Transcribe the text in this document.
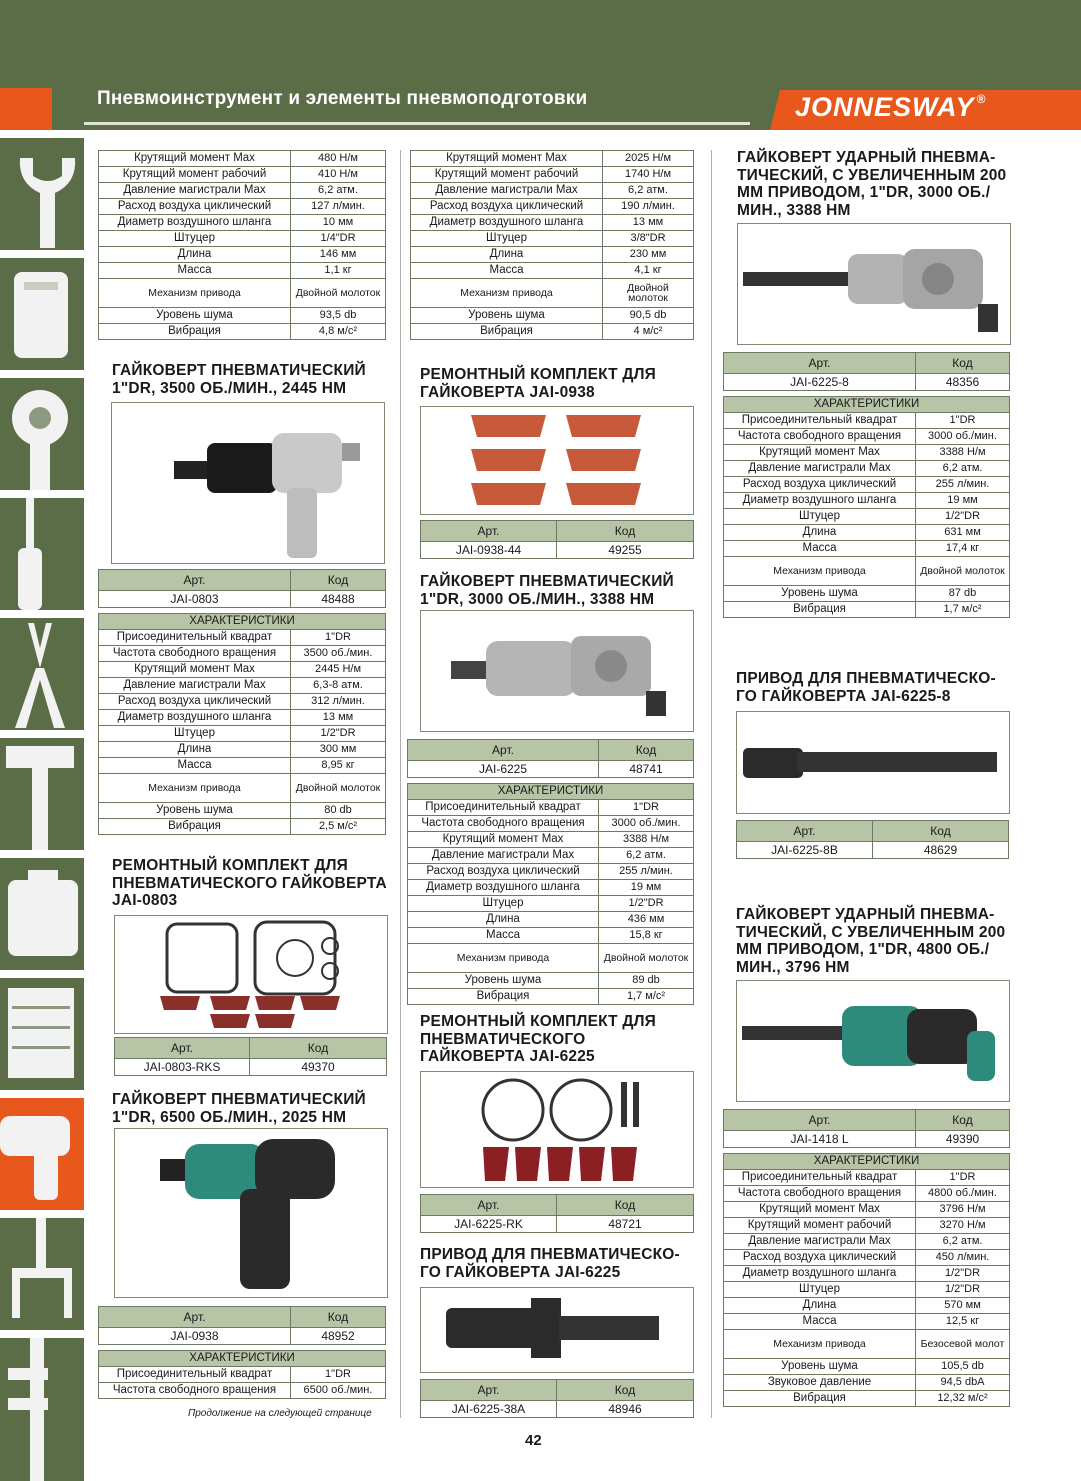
Пневмоинструмент и элементы пневмоподготовки	JONNESWAY ®
Крутящий момент Max	480 Н/м
Крутящий момент рабочий	410 Н/м
Давление магистрали Max	6,2 атм.
Расход воздуха циклический	127 л/мин.
Диаметр воздушного шланга	10 мм
Штуцер	1/4"DR
Длина	146 мм
Масса	1,1 кг
Механизм привода	Двойной молоток
Уровень шума	93,5 db
Вибрация	4,8 м/с²
ГАЙКОВЕРТ ПНЕВМАТИЧЕСКИЙ 1"DR, 3500 ОБ./МИН., 2445 НМ
Арт.	Код
JAI-0803	48488
ХАРАКТЕРИСТИКИ	
Присоединительный квадрат	1"DR
Частота свободного вращения	3500 об./мин.
Крутящий момент Max	2445 Н/м
Давление магистрали Max	6,3-8 атм.
Расход воздуха циклический	312 л/мин.
Диаметр воздушного шланга	13 мм
Штуцер	1/2"DR
Длина	300 мм
Масса	8,95 кг
Механизм привода	Двойной молоток
Уровень шума	80 db
Вибрация	2,5 м/с²
РЕМОНТНЫЙ КОМПЛЕКТ ДЛЯ ПНЕВМАТИЧЕСКОГО ГАЙКОВЕРТА JAI-0803
Арт.	Код
JAI-0803-RKS	49370
ГАЙКОВЕРТ ПНЕВМАТИЧЕСКИЙ 1"DR, 6500 ОБ./МИН., 2025 НМ
Арт.	Код
JAI-0938	48952
ХАРАКТЕРИСТИКИ	
Присоединительный квадрат	1"DR
Частота свободного вращения	6500 об./мин.
Продолжение на следующей странице
Крутящий момент Max	2025 Н/м
Крутящий момент рабочий	1740 Н/м
Давление магистрали Max	6,2 атм.
Расход воздуха циклический	190 л/мин.
Диаметр воздушного шланга	13 мм
Штуцер	3/8"DR
Длина	230 мм
Масса	4,1 кг
Механизм привода	Двойной молоток
Уровень шума	90,5 db
Вибрация	4 м/с²
РЕМОНТНЫЙ КОМПЛЕКТ ДЛЯ ГАЙКОВЕРТА JAI-0938
Арт.	Код
JAI-0938-44	49255
ГАЙКОВЕРТ ПНЕВМАТИЧЕСКИЙ 1"DR, 3000 ОБ./МИН., 3388 НМ
Арт.	Код
JAI-6225	48741
ХАРАКТЕРИСТИКИ	
Присоединительный квадрат	1"DR
Частота свободного вращения	3000 об./мин.
Крутящий момент Max	3388 Н/м
Давление магистрали Max	6,2 атм.
Расход воздуха циклический	255 л/мин.
Диаметр воздушного шланга	19 мм
Штуцер	1/2"DR
Длина	436 мм
Масса	15,8 кг
Механизм привода	Двойной молоток
Уровень шума	89 db
Вибрация	1,7 м/с²
РЕМОНТНЫЙ КОМПЛЕКТ ДЛЯ ПНЕВМАТИЧЕСКОГО ГАЙКОВЕРТА JAI-6225
Арт.	Код
JAI-6225-RK	48721
ПРИВОД ДЛЯ ПНЕВМАТИЧЕСКО-ГО ГАЙКОВЕРТА JAI-6225
Арт.	Код
JAI-6225-38A	48946
ГАЙКОВЕРТ УДАРНЫЙ ПНЕВМА-ТИЧЕСКИЙ, С УВЕЛИЧЕННЫМ 200 ММ ПРИВОДОМ, 1"DR, 3000 ОБ./МИН., 3388 НМ
Арт.	Код
JAI-6225-8	48356
ХАРАКТЕРИСТИКИ	
Присоединительный квадрат	1"DR
Частота свободного вращения	3000 об./мин.
Крутящий момент Max	3388 Н/м
Давление магистрали Max	6,2 атм.
Расход воздуха циклический	255 л/мин.
Диаметр воздушного шланга	19 мм
Штуцер	1/2"DR
Длина	631 мм
Масса	17,4 кг
Механизм привода	Двойной молоток
Уровень шума	87 db
Вибрация	1,7 м/с²
ПРИВОД ДЛЯ ПНЕВМАТИЧЕСКО-ГО ГАЙКОВЕРТА JAI-6225-8
Арт.	Код
JAI-6225-8B	48629
ГАЙКОВЕРТ УДАРНЫЙ ПНЕВМА-ТИЧЕСКИЙ, С УВЕЛИЧЕННЫМ 200 ММ ПРИВОДОМ, 1"DR, 4800 ОБ./МИН., 3796 НМ
Арт.	Код
JAI-1418 L	49390
ХАРАКТЕРИСТИКИ	
Присоединительный квадрат	1"DR
Частота свободного вращения	4800 об./мин.
Крутящий момент Max	3796 Н/м
Крутящий момент рабочий	3270 Н/м
Давление магистрали Max	6,2 атм.
Расход воздуха циклический	450 л/мин.
Диаметр воздушного шланга	1/2"DR
Штуцер	1/2"DR
Длина	570 мм
Масса	12,5 кг
Механизм привода	Безосевой молот
Уровень шума	105,5 db
Звуковое давление	94,5 dbA
Вибрация	12,32 м/с²
42
